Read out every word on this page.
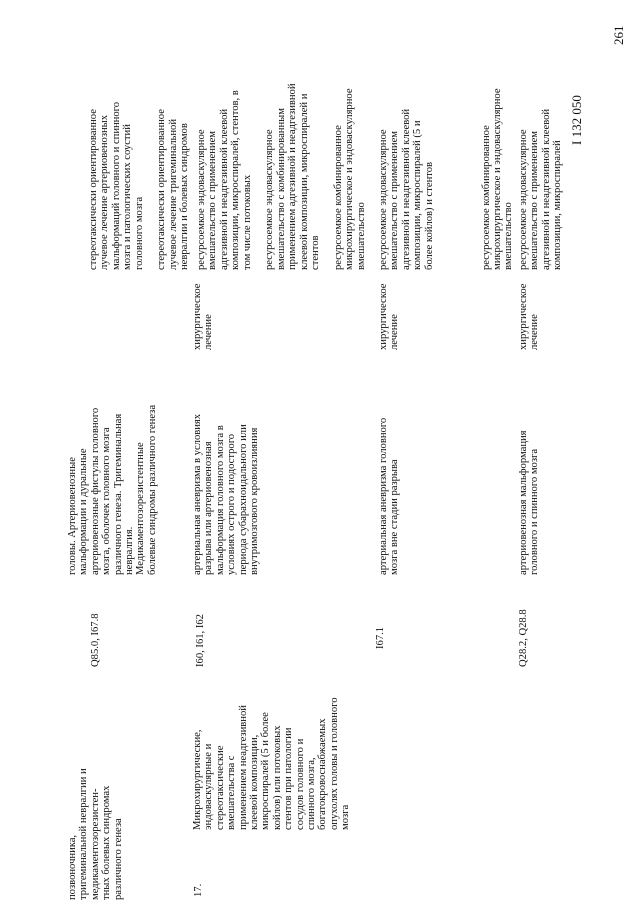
261
I 132 050
позвоночника,
тригеминальной невралгии и
медикаментозорезистен-
тных болевых синдромах
различного генеза
Q85.0, I67.8
головы. Артериовенозные
мальформации и дуральные
артериовенозные фистулы головного
мозга, оболочек головного мозга
различного генеза. Тригеминальная
невралгия.
Медикаментозорезистентные
болевые синдромы различного генеза
стереотаксически ориентированное
лучевое лечение артериовенозных
мальформаций головного и спинного
мозга и патологических соустий
головного мозга

стереотаксически ориентированное
лучевое лечение тригеминальной
невралгии и болевых синдромов
17.
Микрохирургические,
эндоваскулярные и
стереотаксические
вмешательства с
применением неадгезивной
клеевой композиции,
микроспиралей (5 и более
койлов) или потоковых
стентов при патологии
сосудов головного и
спинного мозга,
богатокровоснабжаемых
опухолях головы и головного
мозга
I60, I61, I62
артериальная аневризма в условиях
разрыва или артериовенозная
мальформация головного мозга в
условиях острого и подострого
периода субарахноидального или
внутримозгового кровоизлияния
хирургическое
лечение
ресурсоемкое эндоваскулярное
вмешательство с применением
адгезивной и неадгезивной клеевой
композиции, микроспиралей, стентов, в
том числе потоковых

ресурсоемкое эндоваскулярное
вмешательство с комбинированным
применением адгезивной и неадгезивной
клеевой композиции, микроспиралей и
стентов

ресурсоемкое комбинированное
микрохирургическое и эндоваскулярное
вмешательство
I67.1
артериальная аневризма головного
мозга вне стадии разрыва
хирургическое
лечение
ресурсоемкое эндоваскулярное
вмешательство с применением
адгезивной и неадгезивной клеевой
композиции, микроспиралей (5 и
более койлов) и стентов

ресурсоемкое комбинированное
микрохирургическое и эндоваскулярное
вмешательство
Q28.2, Q28.8
артериовенозная мальформация
головного и спинного мозга
хирургическое
лечение
ресурсоемкое эндоваскулярное
вмешательство с применением
адгезивной и неадгезивной клеевой
композиции, микроспиралей
